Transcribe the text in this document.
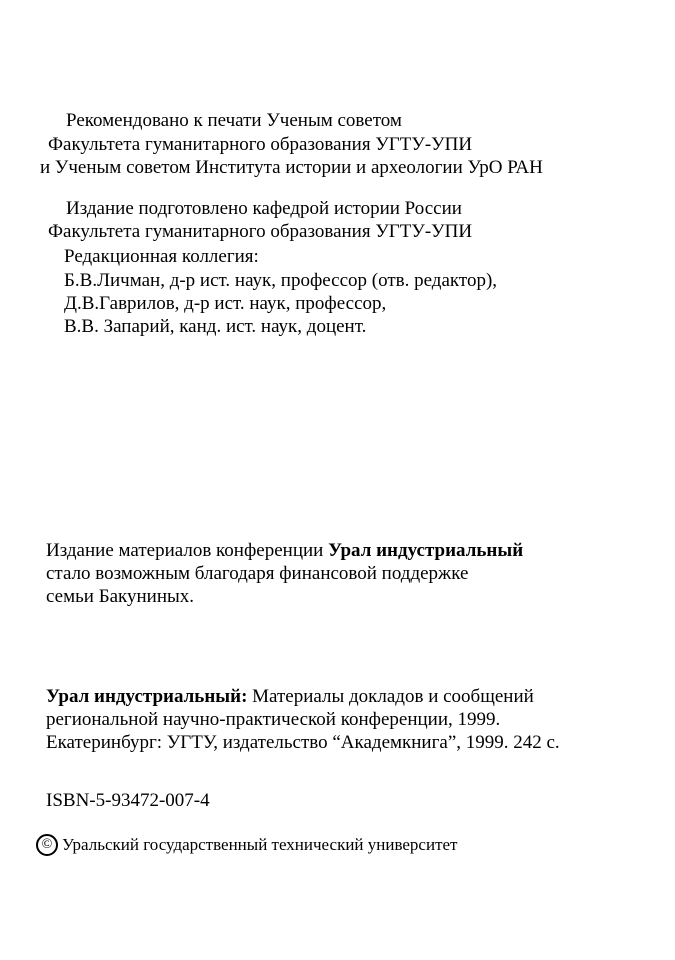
Рекомендовано к печати Ученым советом
Факультета гуманитарного образования УГТУ-УПИ
и Ученым советом Института истории и археологии УрО РАН
Издание подготовлено кафедрой истории России
Факультета гуманитарного образования УГТУ-УПИ
Редакционная коллегия:
Б.В.Личман, д-р ист. наук, профессор (отв. редактор),
Д.В.Гаврилов, д-р ист. наук, профессор,
В.В. Запарий, канд. ист. наук, доцент.
Издание материалов конференции Урал индустриальный
стало возможным благодаря финансовой поддержке
семьи Бакуниных.
Урал индустриальный: Материалы докладов и сообщений
региональной научно-практической конференции, 1999.
Екатеринбург: УГТУ, издательство “Академкнига”, 1999. 242 с.
ISBN-5-93472-007-4
© Уральский государственный технический университет
